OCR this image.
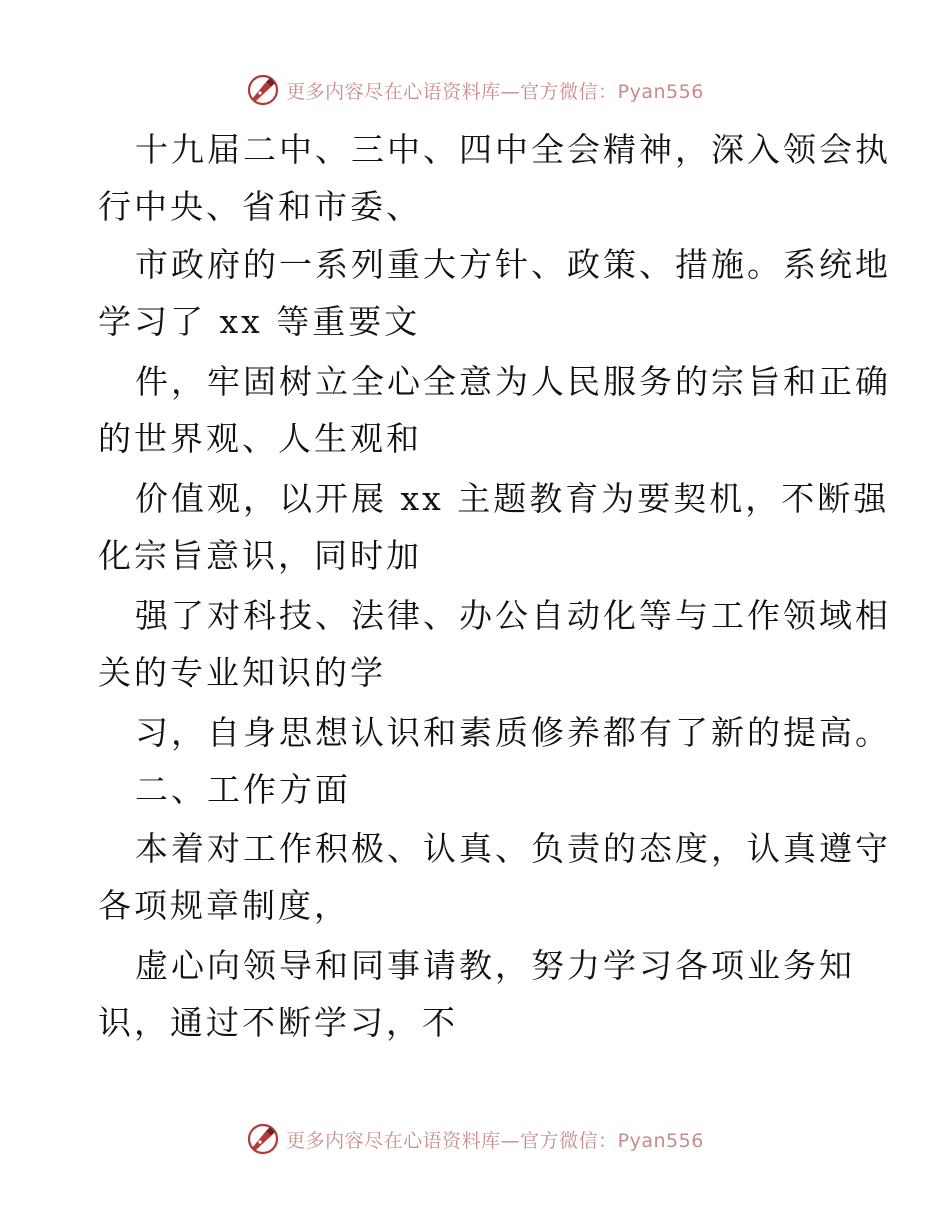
更多内容尽在心语资料库—官方微信：Pyan556
十九届二中、三中、四中全会精神，深入领会执
行中央、省和市委、
市政府的一系列重大方针、政策、措施。系统地
学习了 xx 等重要文
件，牢固树立全心全意为人民服务的宗旨和正确
的世界观、人生观和
价值观，以开展 xx 主题教育为要契机，不断强
化宗旨意识，同时加
强了对科技、法律、办公自动化等与工作领域相
关的专业知识的学
习，自身思想认识和素质修养都有了新的提高。
二、工作方面
本着对工作积极、认真、负责的态度，认真遵守
各项规章制度，
虚心向领导和同事请教，努力学习各项业务知
识，通过不断学习，不
更多内容尽在心语资料库—官方微信：Pyan556
